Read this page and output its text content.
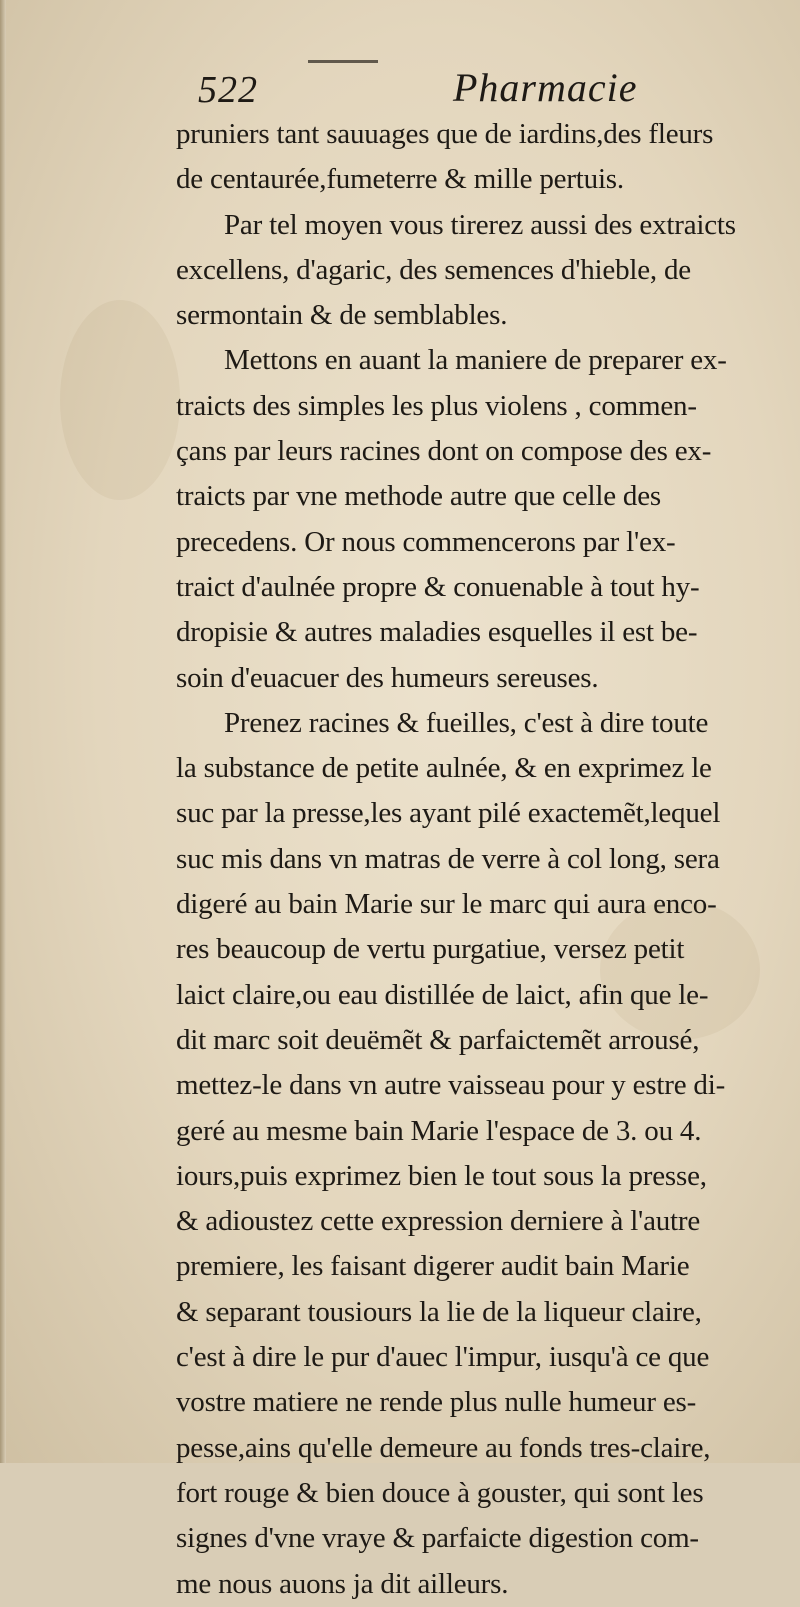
522	Pharmacie
pruniers tant sauuages que de iardins,des fleurs
de centaurée,fumeterre & mille pertuis.
Par tel moyen vous tirerez aussi des extraicts
excellens, d'agaric, des semences d'hieble, de
sermontain & de semblables.
Mettons en auant la maniere de preparer ex-
traicts des simples les plus violens , commen-
çans par leurs racines dont on compose des ex-
traicts par vne methode autre que celle des
precedens. Or nous commencerons par l'ex-
traict d'aulnée propre & conuenable à tout hy-
dropisie & autres maladies esquelles il est be-
soin d'euacuer des humeurs sereuses.
Prenez racines & fueilles, c'est à dire toute
la substance de petite aulnée, & en exprimez le
suc par la presse,les ayant pilé exactemẽt,lequel
suc mis dans vn matras de verre à col long, sera
digeré au bain Marie sur le marc qui aura enco-
res beaucoup de vertu purgatiue, versez petit
laict claire,ou eau distillée de laict, afin que le-
dit marc soit deuëmẽt & parfaictemẽt arrousé,
mettez-le dans vn autre vaisseau pour y estre di-
geré au mesme bain Marie l'espace de 3. ou 4.
iours,puis exprimez bien le tout sous la presse,
& adioustez cette expression derniere à l'autre
premiere, les faisant digerer audit bain Marie
& separant tousiours la lie de la liqueur claire,
c'est à dire le pur d'auec l'impur, iusqu'à ce que
vostre matiere ne rende plus nulle humeur es-
pesse,ains qu'elle demeure au fonds tres-claire,
fort rouge & bien douce à gouster, qui sont les
signes d'vne vraye & parfaicte digestion com-
me nous auons ja dit ailleurs.
